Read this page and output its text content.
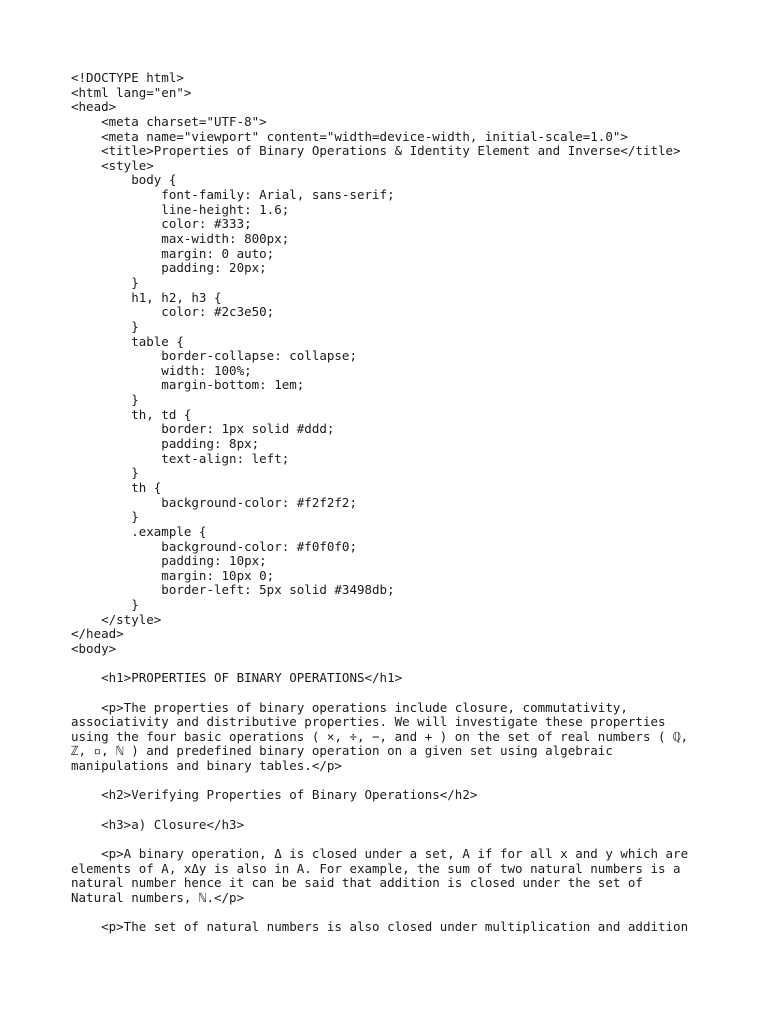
<!DOCTYPE html>
<html lang="en">
<head>
<meta charset="UTF-8">
<meta name="viewport" content="width=device-width, initial-scale=1.0">
<title>Properties of Binary Operations & Identity Element and Inverse</title>
<style>
body {
font-family: Arial, sans-serif;
line-height: 1.6;
color: #333;
max-width: 800px;
margin: 0 auto;
padding: 20px;
}
h1, h2, h3 {
color: #2c3e50;
}
table {
border-collapse: collapse;
width: 100%;
margin-bottom: 1em;
}
th, td {
border: 1px solid #ddd;
padding: 8px;
text-align: left;
}
th {
background-color: #f2f2f2;
}
.example {
background-color: #f0f0f0;
padding: 10px;
margin: 10px 0;
border-left: 5px solid #3498db;
}
</style>
</head>
<body>
<h1>PROPERTIES OF BINARY OPERATIONS</h1>
<p>The properties of binary operations include closure, commutativity,
associativity and distributive properties. We will investigate these properties
using the four basic operations ( ×, ÷, −, and + ) on the set of real numbers ( ℚ,
ℤ, ▫, ℕ ) and predefined binary operation on a given set using algebraic
manipulations and binary tables.</p>
<h2>Verifying Properties of Binary Operations</h2>
<h3>a) Closure</h3>
<p>A binary operation, Δ is closed under a set, A if for all x and y which are
elements of A, xΔy is also in A. For example, the sum of two natural numbers is a
natural number hence it can be said that addition is closed under the set of
Natural numbers, ℕ.</p>
<p>The set of natural numbers is also closed under multiplication and addition
